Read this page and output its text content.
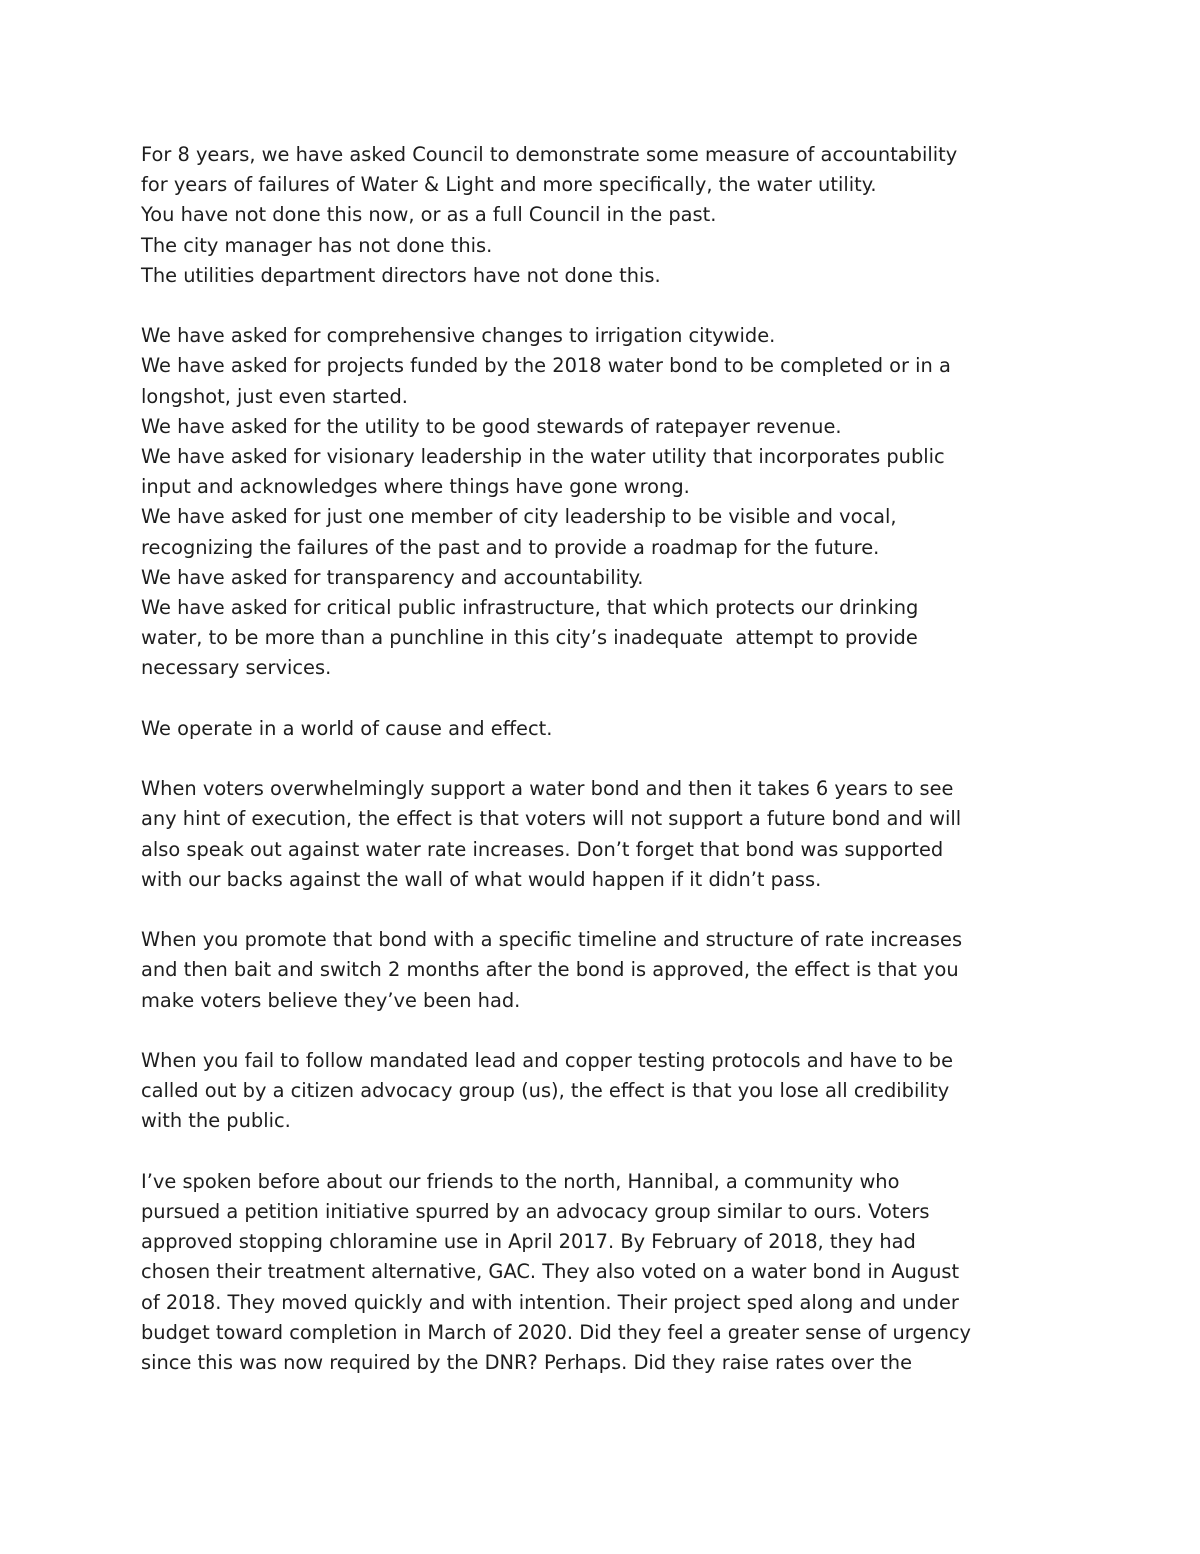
For 8 years, we have asked Council to demonstrate some measure of accountability
for years of failures of Water & Light and more specifically, the water utility.
You have not done this now, or as a full Council in the past.
The city manager has not done this.
The utilities department directors have not done this.

We have asked for comprehensive changes to irrigation citywide.
We have asked for projects funded by the 2018 water bond to be completed or in a
longshot, just even started.
We have asked for the utility to be good stewards of ratepayer revenue.
We have asked for visionary leadership in the water utility that incorporates public
input and acknowledges where things have gone wrong.
We have asked for just one member of city leadership to be visible and vocal,
recognizing the failures of the past and to provide a roadmap for the future.
We have asked for transparency and accountability.
We have asked for critical public infrastructure, that which protects our drinking
water, to be more than a punchline in this city’s inadequate  attempt to provide
necessary services.

We operate in a world of cause and effect.

When voters overwhelmingly support a water bond and then it takes 6 years to see
any hint of execution, the effect is that voters will not support a future bond and will
also speak out against water rate increases. Don’t forget that bond was supported
with our backs against the wall of what would happen if it didn’t pass.

When you promote that bond with a specific timeline and structure of rate increases
and then bait and switch 2 months after the bond is approved, the effect is that you
make voters believe they’ve been had.

When you fail to follow mandated lead and copper testing protocols and have to be
called out by a citizen advocacy group (us), the effect is that you lose all credibility
with the public.

I’ve spoken before about our friends to the north, Hannibal, a community who
pursued a petition initiative spurred by an advocacy group similar to ours. Voters
approved stopping chloramine use in April 2017. By February of 2018, they had
chosen their treatment alternative, GAC. They also voted on a water bond in August
of 2018. They moved quickly and with intention. Their project sped along and under
budget toward completion in March of 2020. Did they feel a greater sense of urgency
since this was now required by the DNR? Perhaps. Did they raise rates over the
